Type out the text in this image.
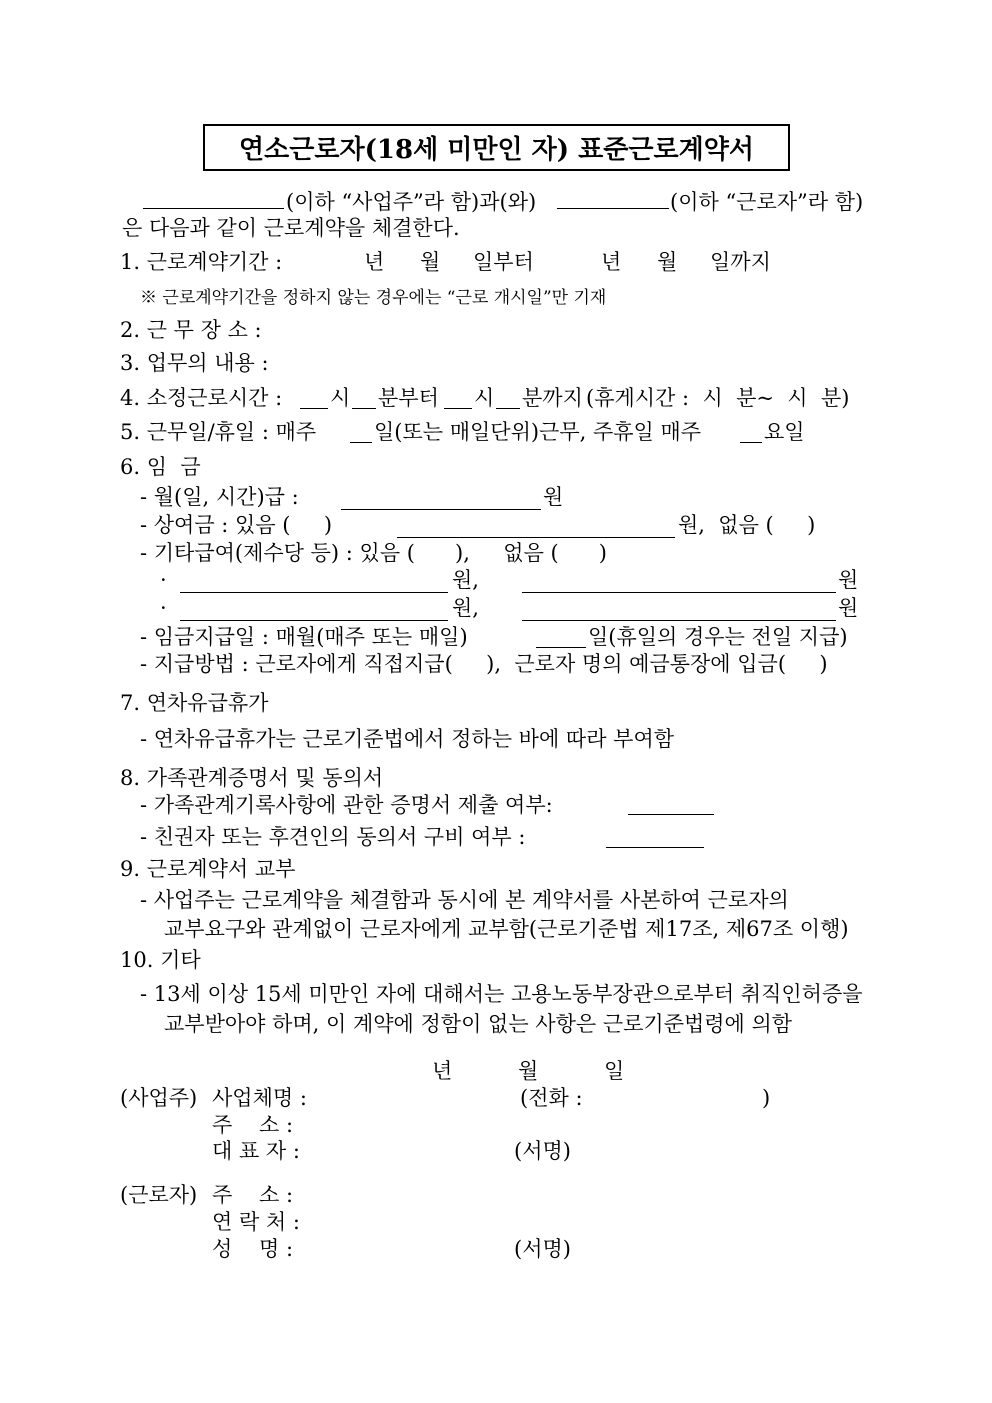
연소근로자(18세 미만인 자) 표준근로계약서
(이하 “사업주”라 함)과(와)	(이하 “근로자”라 함)
은 다음과 같이 근로계약을 체결한다.
1. 근로계약기간 :	년 월 일부터	년 월 일까지
※ 근로계약기간을 정하지 않는 경우에는 “근로 개시일”만 기재
2. 근 무 장 소 :
3. 업무의 내용 :
4. 소정근로시간 : 시 분부터 시 분까지 (휴게시간 :  시  분~  시  분)
5. 근무일/휴일 : 매주	일(또는 매일단위)근무, 주휴일 매주	요일
6. 임  금
- 월(일, 시간)급 :	원
- 상여금 : 있음 (     )	원,  없음 (     )
- 기타급여(제수당 등) : 있음 (      ),     없음 (      )
·	원,	원
·	원,	원
- 임금지급일 : 매월(매주 또는 매일)	일(휴일의 경우는 전일 지급)
- 지급방법 : 근로자에게 직접지급(     ),  근로자 명의 예금통장에 입금(     )
7. 연차유급휴가
- 연차유급휴가는 근로기준법에서 정하는 바에 따라 부여함
8. 가족관계증명서 및 동의서
- 가족관계기록사항에 관한 증명서 제출 여부:
- 친권자 또는 후견인의 동의서 구비 여부 :
9. 근로계약서 교부
- 사업주는 근로계약을 체결함과 동시에 본 계약서를 사본하여 근로자의
교부요구와 관계없이 근로자에게 교부함(근로기준법 제17조, 제67조 이행)
10. 기타
- 13세 이상 15세 미만인 자에 대해서는 고용노동부장관으로부터 취직인허증을
교부받아야 하며, 이 계약에 정함이 없는 사항은 근로기준법령에 의함
년	월	일
(사업주) 사업체명 :	(전화 :	)
주    소 :
대 표 자 :	(서명)
(근로자) 주    소 :
연 락 처 :
성    명 :	(서명)
